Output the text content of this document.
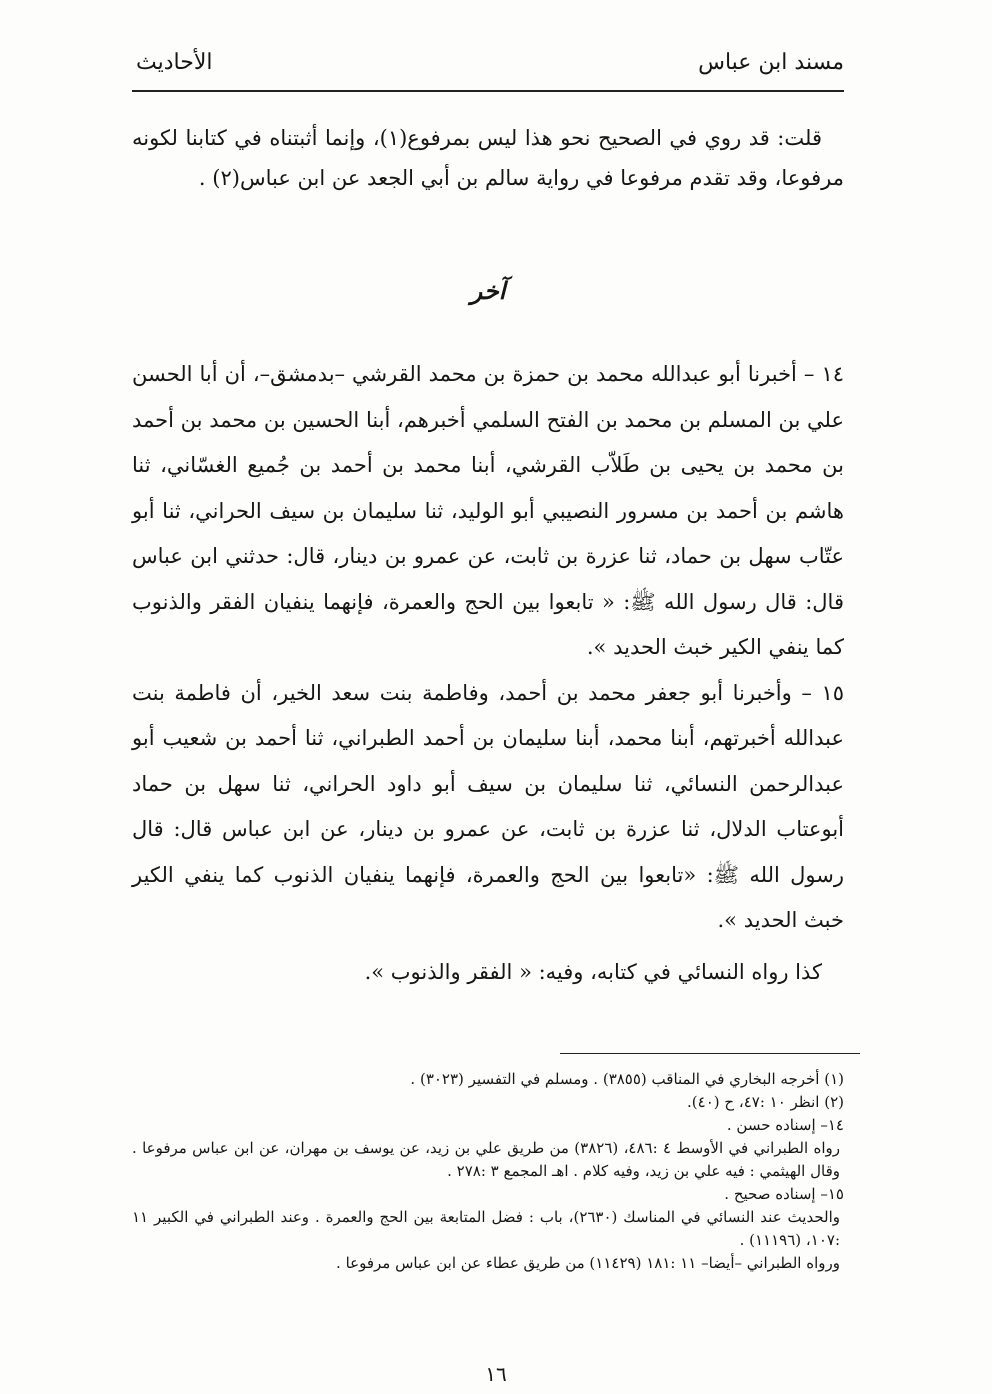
مسند ابن عباس
الأحاديث

قلت: قد روي في الصحيح نحو هذا ليس بمرفوع(١)، وإنما أثبتناه في كتابنا لكونه مرفوعا، وقد تقدم مرفوعا في رواية سالم بن أبي الجعد عن ابن عباس(٢) .

آخر

١٤ – أخبرنا أبو عبدالله محمد بن حمزة بن محمد القرشي –بدمشق–، أن أبا الحسن علي بن المسلم بن محمد بن الفتح السلمي أخبرهم، أبنا الحسين بن محمد بن أحمد بن محمد بن يحيى بن طَلاّب القرشي، أبنا محمد بن أحمد بن جُميع الغسّاني، ثنا هاشم بن أحمد بن مسرور النصيبي أبو الوليد، ثنا سليمان بن سيف الحراني، ثنا أبو عتّاب سهل بن حماد، ثنا عزرة بن ثابت، عن عمرو بن دينار، قال: حدثني ابن عباس قال: قال رسول الله ﷺ: « تابعوا بين الحج والعمرة، فإنهما ينفيان الفقر والذنوب كما ينفي الكير خبث الحديد ».

١٥ – وأخبرنا أبو جعفر محمد بن أحمد، وفاطمة بنت سعد الخير، أن فاطمة بنت عبدالله أخبرتهم، أبنا محمد، أبنا سليمان بن أحمد الطبراني، ثنا أحمد بن شعيب أبو عبدالرحمن النسائي، ثنا سليمان بن سيف أبو داود الحراني، ثنا سهل بن حماد أبوعتاب الدلال، ثنا عزرة بن ثابت، عن عمرو بن دينار، عن ابن عباس قال: قال رسول الله ﷺ: «تابعوا بين الحج والعمرة، فإنهما ينفيان الذنوب كما ينفي الكير خبث الحديد ».

كذا رواه النسائي في كتابه، وفيه: « الفقر والذنوب ».

(١) أخرجه البخاري في المناقب (٣٨٥٥) . ومسلم في التفسير (٣٠٢٣) .

(٢) انظر ١٠ :٤٧، ح (٤٠).

١٤– إسناده حسن .

رواه الطبراني في الأوسط ٤ :٤٨٦، (٣٨٢٦) من طريق علي بن زيد، عن يوسف بن مهران، عن ابن عباس مرفوعا . وقال الهيثمي : فيه علي بن زيد، وفيه كلام . اهـ المجمع ٣ :٢٧٨ .

١٥– إسناده صحيح .

والحديث عند النسائي في المناسك (٢٦٣٠)، باب : فضل المتابعة بين الحج والعمرة . وعند الطبراني في الكبير ١١ :١٠٧، (١١١٩٦) .

ورواه الطبراني –أيضا– ١١ :١٨١ (١١٤٢٩) من طريق عطاء عن ابن عباس مرفوعا .

١٦
